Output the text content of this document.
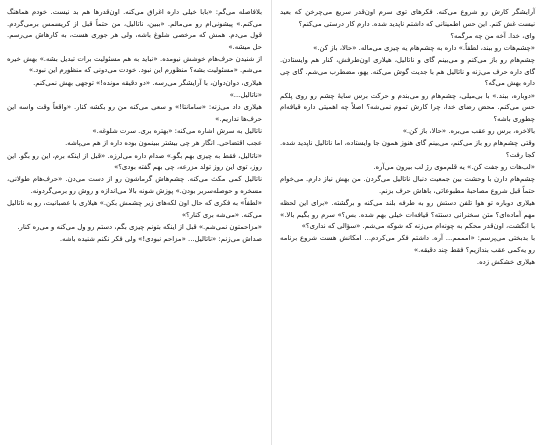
بلافاصله می‌گم: «بابا خیلی داره اغراق می‌کنه. اون‌قدرها هم بد نیست. خودم هماهنگ می‌کنم.» پیشونی‌ام رو می‌مالم. «ببین، ناتالیل، من حتماً قبل از کریسمس برمی‌گردم. قول می‌دم. همش که مرخصی شلوغ باشه، ولی هر جوری هست، به کارهاش می‌رسم. حل میشه.»

از شنیدن حرف‌هام خوشش نیومده. «نباید به هم مسئولیت برات تبدیل بشه.» بهش خیره می‌شم. «مسئولیت بشه؟ منظورم این نبود. خودت می‌دونی که منظورم این نبود.»

هیلاری، دوان‌دوان، با آرایشگر می‌رسه. «دو دقیقه مونده!» توجهی بهش نمی‌کنم.

«ناتالیل...»

هیلاری داد می‌زنه: «سامانتا!» و سعی می‌کنه من رو بکشه کنار. «واقعاً وقت واسه این حرف‌ها نداریم.»

ناتالیل به سرش اشاره می‌کنه: «بهتره بری. سرت شلوغه.»

عجب اقتضاحی. انگار هر چی بیشتر ببینمون بوده داره از هم می‌پاشه.

«ناتالیل، فقط به چیزی بهم بگو.» صدام داره می‌لرزه. «قبل از اینکه برم، این رو بگو. این روز، توی این روز تولد مزرعه، چی بهم گفته بودی؟»

ناتالیل کمی مکث می‌کنه. چشم‌هاش گرماشون رو از دست می‌دن. «حرف‌هام طولانی، مسخره و حوصله‌سربر بودن.» پوزش شونه بالا می‌اندازه و روش رو برمی‌گردونه.

«لطفاً» به فکری که حال اون لکه‌های زیر چشمش بکن.» هیلاری با عصبانیت، رو به ناتالیل می‌کنه. «می‌شه بری کنار؟»

«مزاحمتون نمی‌شم.» قبل از اینکه بتونم چیزی بگم، دستم رو ول می‌کنه و می‌ره کنار.

صداش می‌زنم: «ناتالیل... «مزاحم نبودی!» ولی فکر نکنم شنیده باشه.

آرایشگر کارش رو شروع می‌کنه. فکرهای توی سرم اون‌قدر سریع می‌چرخن که بعید نیست غش کنم. این حس اطمینانی که داشتم ناپدید شده. دارم کار درستی می‌کنم؟

وای، خدا. آخه من چه مرگمه؟

«چشم‌هات رو ببند، لطفاً.» داره به چشم‌هام یه چیزی می‌ماله. «حالا، باز کن.»

چشم‌هام رو باز می‌کنم و می‌بینم گای و ناتالیل، هیلاری اون‌طرفش، کنار هم وایستادن. گای داره حرف می‌زنه و ناتالیل هم با جدیت گوش می‌کنه. یهو، مضطرب می‌شم. گای چی داره بهش می‌گه؟

«دوباره، ببند.» با بی‌میلی، چشم‌هام رو می‌بندم و حرکت برس سایهٔ چشم رو روی پلکم حس می‌کنم. محض رضای خدا، چرا کارش تموم نمی‌شه؟ اصلاً چه اهمیتی داره قیافه‌ام چطوری باشه؟

بالاخره، برس رو عقب می‌بره. «حالا، باز کن.»

وقتی چشم‌هام رو باز می‌کنم، می‌بینم گای هنوز همون جا وایستاده، اما ناتالیل ناپدید شده. کجا رفت؟

«لب‌هات رو جفت کن.» یه قلم‌موی رژ لب بیرون می‌آره.

چشم‌هام دارن با وحشت بین جمعیت دنبال ناتالیل می‌گردن. من بهش نیاز دارم. می‌خوام حتماً قبل شروع مصاحبهٔ مطبوعاتی، باهاش حرف بزنم.

هیلاری دوباره تو هوا تلفن دستش رو به طرفه بلند می‌کنه و برگشته. «برای این لحظه مهم آماده‌ای؟ متن سخنرانی دستته؟ قیافه‌ات خیلی بهم شده. بس؟» سرم رو بگیم بالا.» با انگشت، اون‌قدر محکم به چونه‌ام می‌زنه که شوکه می‌شم. «سؤالی که نداری؟»

با بدبختی می‌پرسم: «امممم... آره. داشتم فکر می‌کردم... امکانش هست شروع برنامه رو یه‌کمی عقب بندازیم؟ فقط چند دقیقه.»

هیلاری خشکش زده.
